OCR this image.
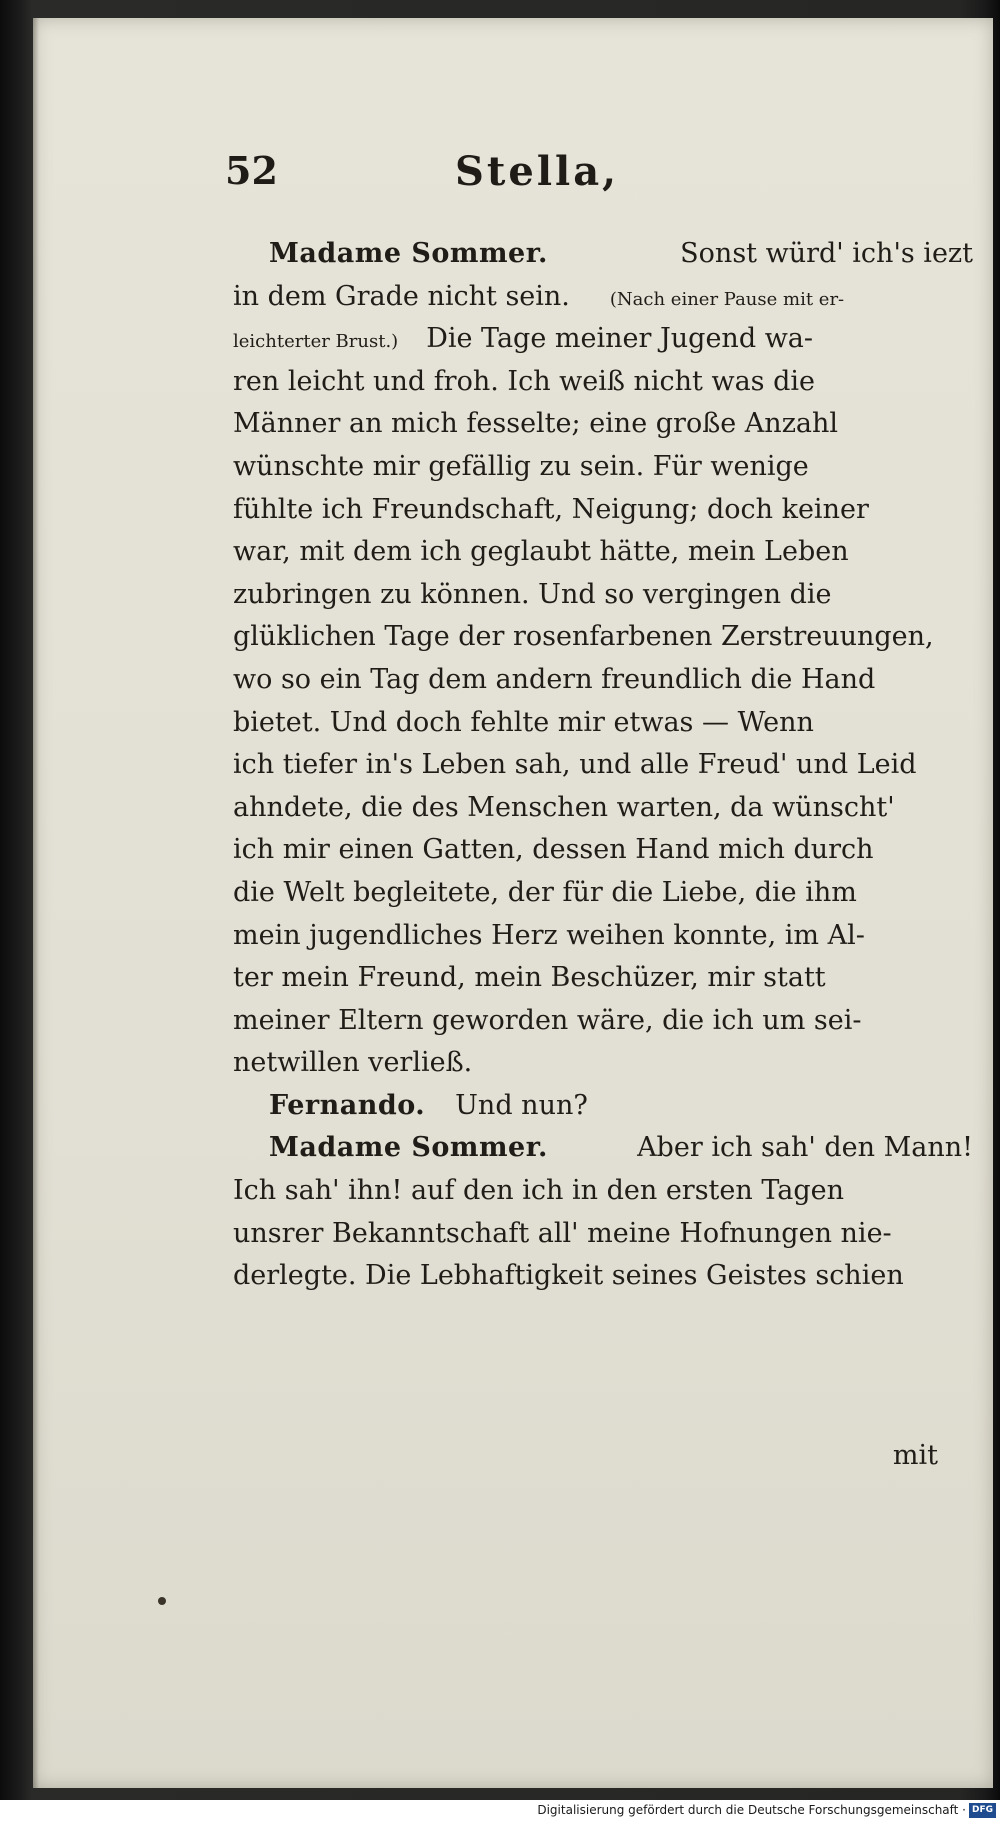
52	Stella,
Madame Sommer.	Sonst würd' ich's iezt
in dem Grade nicht sein. (Nach einer Pause mit er-
leichterter Brust.) Die Tage meiner Jugend wa-
ren leicht und froh. Ich weiß nicht was die
Männer an mich fesselte; eine große Anzahl
wünschte mir gefällig zu sein. Für wenige
fühlte ich Freundschaft, Neigung; doch keiner
war, mit dem ich geglaubt hätte, mein Leben
zubringen zu können. Und so vergingen die
glüklichen Tage der rosenfarbenen Zerstreuungen,
wo so ein Tag dem andern freundlich die Hand
bietet. Und doch fehlte mir etwas — Wenn
ich tiefer in's Leben sah, und alle Freud' und Leid
ahndete, die des Menschen warten, da wünscht'
ich mir einen Gatten, dessen Hand mich durch
die Welt begleitete, der für die Liebe, die ihm
mein jugendliches Herz weihen konnte, im Al-
ter mein Freund, mein Beschüzer, mir statt
meiner Eltern geworden wäre, die ich um sei-
netwillen verließ.
Fernando. Und nun?
Madame Sommer.	Aber ich sah' den Mann!
Ich sah' ihn! auf den ich in den ersten Tagen
unsrer Bekanntschaft all' meine Hofnungen nie-
derlegte. Die Lebhaftigkeit seines Geistes schien
mit
Digitalisierung gefördert durch die Deutsche Forschungsgemeinschaft · DFG
